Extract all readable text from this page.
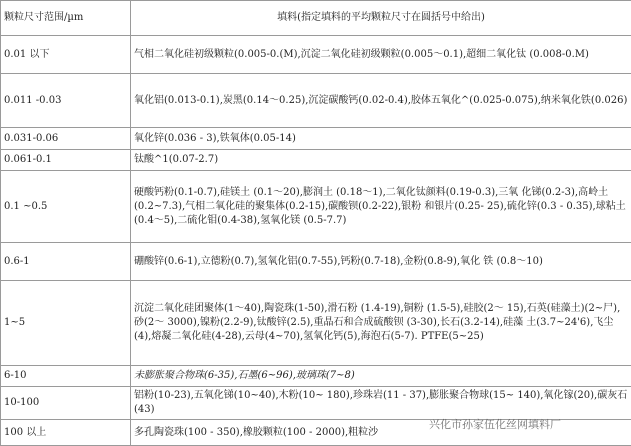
颗粒尺寸范围/µm	填料(指定填料的平均颗粒尺寸在圆括号中给出)
0.01 以下	气相二氧化硅初级颗粒(0.005-0.(M),沉淀二氧化硅初级颗粒(0.005～0.1),超细二氧化钛 (0.008-0.M)
0.011 -0.03	氧化铝(0.013-0.1),炭黑(0.14～0.25),沉淀碳酸钙(0.02-0.4),胶体五氧化^(0.025-0.075),纳米氧化铁(0.026)
0.031-0.06	氧化锌(0.036 - 3),铁氧体(0.05-14)
0.061-0.1	钛酸^1(0.07-2.7)
0.1 ~0.5	硬酸钙粉(0.1-0.7),硅镁土 (0.1～20),膨润土 (0.18～1),二氧化钛颜料(0.19-0.3),三氧 化锑(0.2-3),高岭土(0.2~7.3),气相二氧化硅的聚集体(0.2-15),碳酸钡(0.2-22),银粉 和银片(0.25- 25),硫化锌(0.3 - 0.35),球粘土(0.4～5),二硫化钼(0.4-38),氢氧化镁 (0.5-7.7)
0.6-1	硼酸锌(0.6-1),立德粉(0.7),氢氧化铝(0.7-55),钙粉(0.7-18),金粉(0.8-9),氧化 铁 (0.8～10)
1~5	沉淀二氧化硅团聚体(1～40),陶瓷珠(1-50),滑石粉 (1.4-19),铜粉 (1.5-5),硅胶(2～ 15),石英(硅藻土)(2~尸), 砂(2～ 3000),镍粉(2.2-9),钛酸锌(2.5),重晶石和合成硫酸钡 (3-30),长石(3.2-14),硅藻 土(3.7~24'6),飞尘(4),熔凝二氧化硅(4-28),云母(4~70),氢氧化钙(5),海泡石(5-7). PTFE(5~25)
6-10	未膨胀聚合物珠(6-35),石墨(6~96),玻璃珠(7~8)
10-100	铝粉(10-23),五氧化锑(10~40),木粉(10~ 180),珍珠岩(11 - 37),膨胀聚合物球(15~ 140),氧化镓(20),碳灰石(43)
100 以上	多孔陶瓷珠(100 - 350),橡胶颗粒(100 - 2000),粗粒沙
兴化市孙家伍化丝网填料厂
